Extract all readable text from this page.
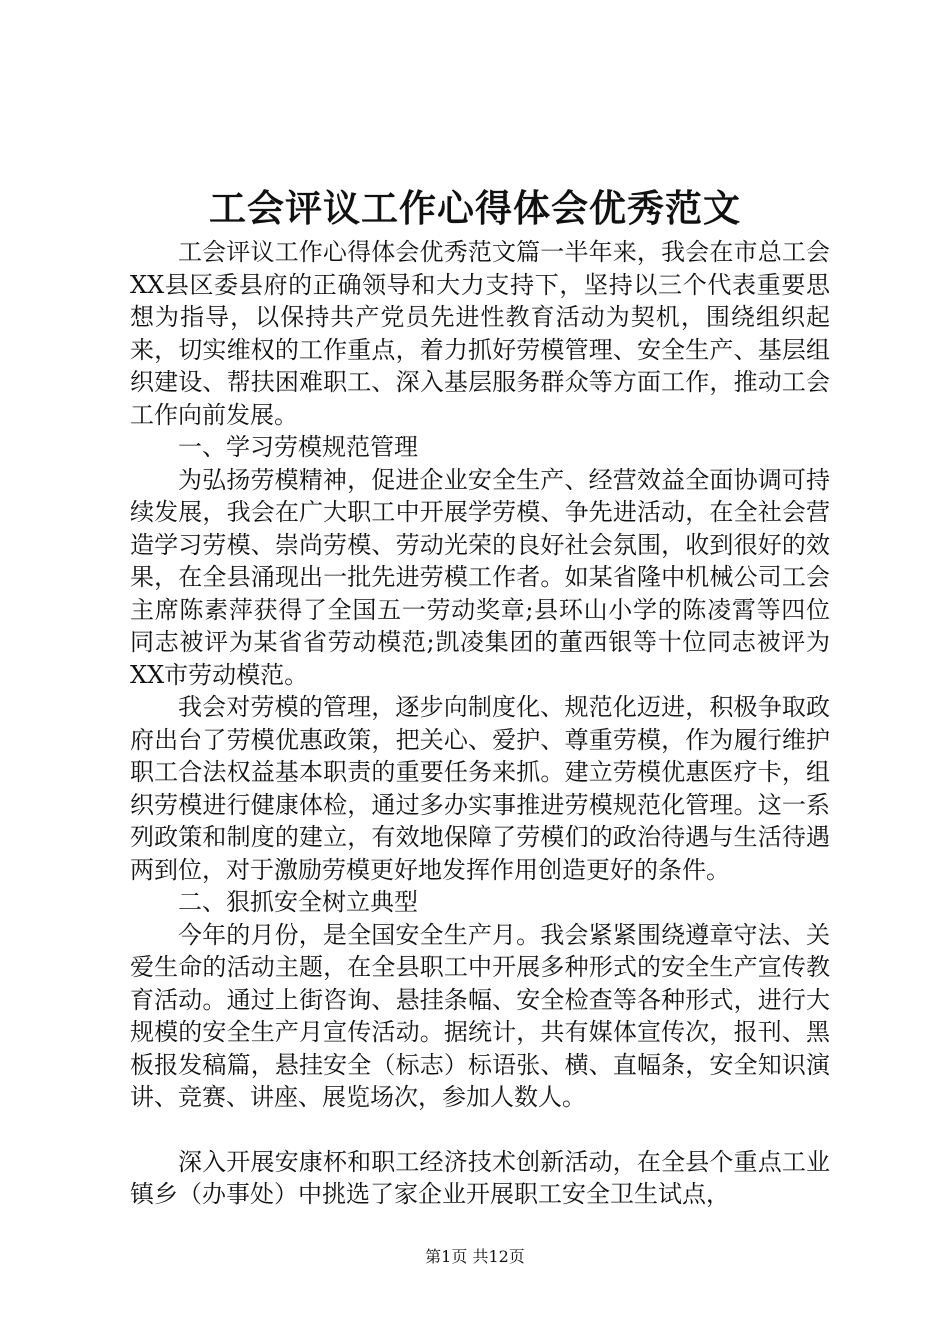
工会评议工作心得体会优秀范文

工会评议工作心得体会优秀范文篇一半年来，我会在市总工会XX县区委县府的正确领导和大力支持下，坚持以三个代表重要思想为指导，以保持共产党员先进性教育活动为契机，围绕组织起来，切实维权的工作重点，着力抓好劳模管理、安全生产、基层组织建设、帮扶困难职工、深入基层服务群众等方面工作，推动工会工作向前发展。

一、学习劳模规范管理

为弘扬劳模精神，促进企业安全生产、经营效益全面协调可持续发展，我会在广大职工中开展学劳模、争先进活动，在全社会营造学习劳模、崇尚劳模、劳动光荣的良好社会氛围，收到很好的效果，在全县涌现出一批先进劳模工作者。如某省隆中机械公司工会主席陈素萍获得了全国五一劳动奖章;县环山小学的陈凌霄等四位同志被评为某省省劳动模范;凯凌集团的董西银等十位同志被评为XX市劳动模范。

我会对劳模的管理，逐步向制度化、规范化迈进，积极争取政府出台了劳模优惠政策，把关心、爱护、尊重劳模，作为履行维护职工合法权益基本职责的重要任务来抓。建立劳模优惠医疗卡，组织劳模进行健康体检，通过多办实事推进劳模规范化管理。这一系列政策和制度的建立，有效地保障了劳模们的政治待遇与生活待遇两到位，对于激励劳模更好地发挥作用创造更好的条件。

二、狠抓安全树立典型

今年的月份，是全国安全生产月。我会紧紧围绕遵章守法、关爱生命的活动主题，在全县职工中开展多种形式的安全生产宣传教育活动。通过上街咨询、悬挂条幅、安全检查等各种形式，进行大规模的安全生产月宣传活动。据统计，共有媒体宣传次，报刊、黑板报发稿篇，悬挂安全（标志）标语张、横、直幅条，安全知识演讲、竞赛、讲座、展览场次，参加人数人。

深入开展安康杯和职工经济技术创新活动，在全县个重点工业镇乡（办事处）中挑选了家企业开展职工安全卫生试点，

第1页 共12页
